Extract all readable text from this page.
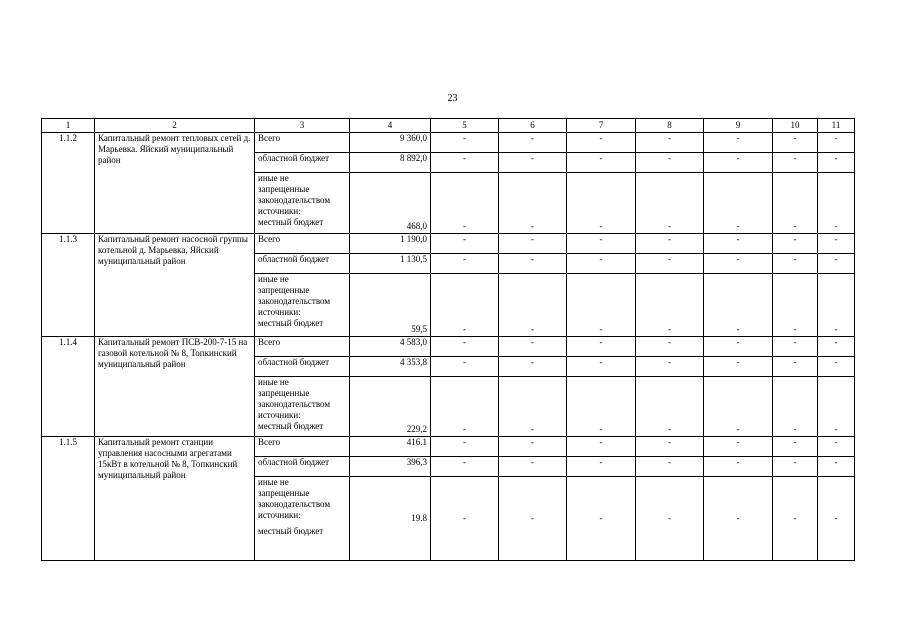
23
1	2	3	4	5	6	7	8	9	10	11
1.1.2	Капитальный ремонт тепловых сетей д. Марьевка. Яйский муниципальный район	Всего	9 360,0	-	-	-	-	-	-	-
		областной бюджет	8 892,0	-	-	-	-	-	-	-

		иные не
запрещенные
законодательством
источники:
местный бюджет	468,0	-	-	-	-	-	-	-
1.1.3	Капитальный ремонт насосной группы котельной д. Марьевка, Яйский муниципальный район	Всего	1 190,0	-	-	-	-	-	-	-
		областной бюджет	1 130,5	-	-	-	-	-	-	-

		иные не
запрещенные
законодательством
источники:
местный бюджет	59,5	-	-	-	-	-	-	-
1.1.4	Капитальный ремонт ПСВ-200-7-15 на газовой котельной № 8, Топкинский муниципальный район	Всего	4 583,0	-	-	-	-	-	-	-
		областной бюджет	4 353,8	-	-	-	-	-	-	-

		иные не
запрещенные
законодательством
источники:
местный бюджет	229,2	-	-	-	-	-	-	-
1.1.5	Капитальный ремонт станции управления насосными агрегатами 15кВт в котельной № 8, Топкинский муниципальный район	Всего	416.1	-	-	-	-	-	-	-
		областной бюджет	396,3	-	-	-	-	-	-	-

		иные не
запрещенные
законодательством
источники:
местный бюджет	19.8	-	-	-	-	-	-	-
